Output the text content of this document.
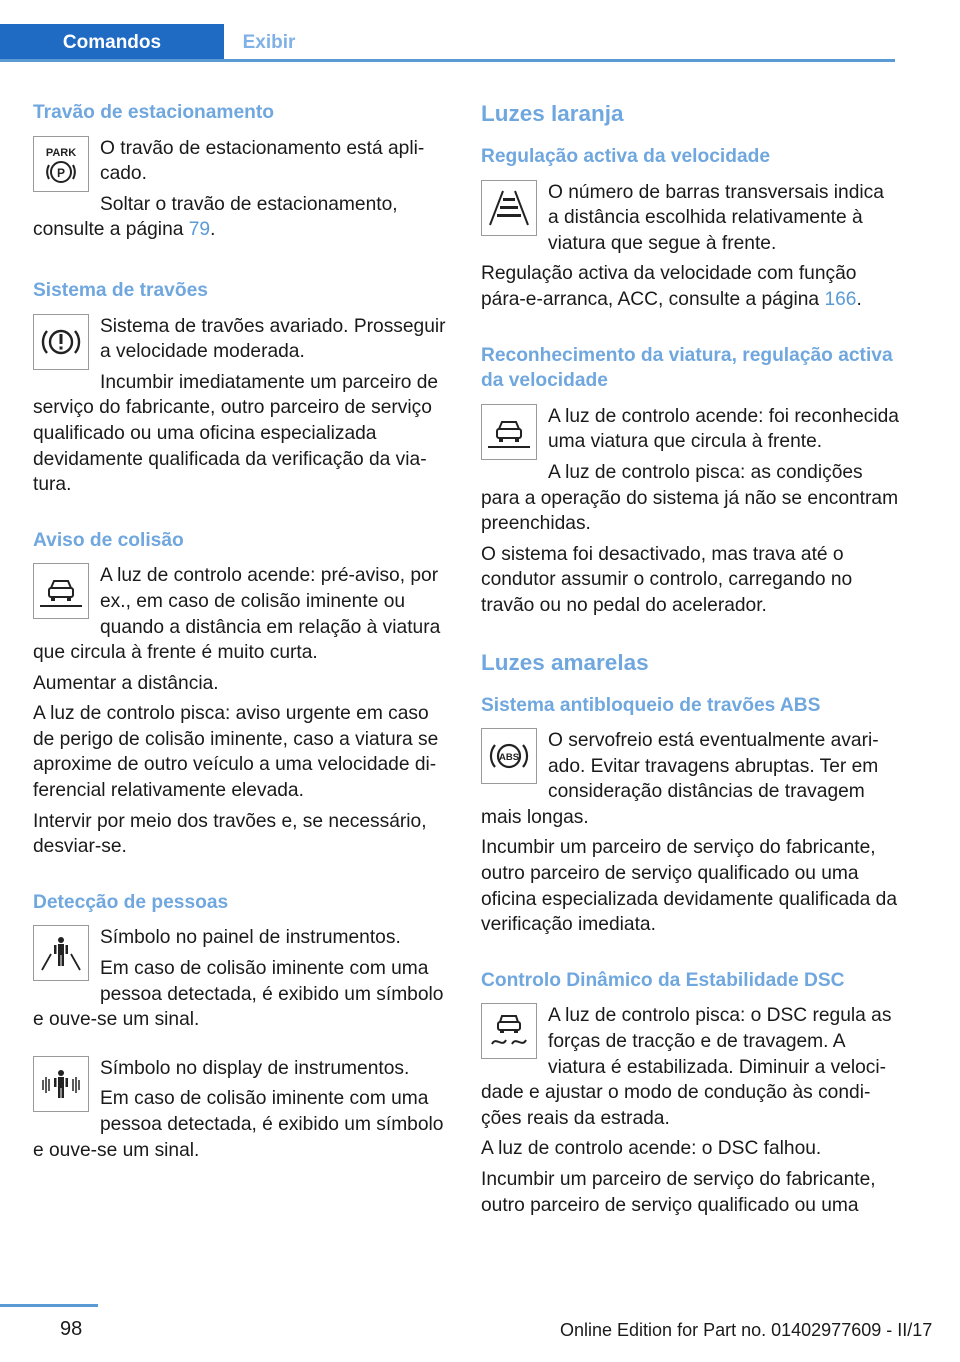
Comandos	Exibir
Travão de estacionamento
PARK
P

O travão de estacionamento está aplicado.

Soltar o travão de estacionamento, consulte a página 79.

Sistema de travões

Sistema de travões avariado. Prosseguir a velocidade moderada.

Incumbir imediatamente um parceiro de serviço do fabricante, outro parceiro de serviço qualificado ou uma oficina especializada devidamente qualificada da verificação da viatura.

Aviso de colisão

A luz de controlo acende: pré-aviso, por ex., em caso de colisão iminente ou quando a distância em relação à viatura que circula à frente é muito curta.

Aumentar a distância.

A luz de controlo pisca: aviso urgente em caso de perigo de colisão iminente, caso a viatura se aproxime de outro veículo a uma velocidade diferencial relativamente elevada.

Intervir por meio dos travões e, se necessário, desviar-se.

Detecção de pessoas

Símbolo no painel de instrumentos.

Em caso de colisão iminente com uma pessoa detectada, é exibido um símbolo e ouve-se um sinal.

Símbolo no display de instrumentos.

Em caso de colisão iminente com uma pessoa detectada, é exibido um símbolo e ouve-se um sinal.

Luzes laranja
Regulação activa da velocidade

O número de barras transversais indica a distância escolhida relativamente à viatura que segue à frente.

Regulação activa da velocidade com função pára-e-arranca, ACC, consulte a página 166.

Reconhecimento da viatura, regulação activa da velocidade

A luz de controlo acende: foi reconhecida uma viatura que circula à frente.

A luz de controlo pisca: as condições para a operação do sistema já não se encontram preenchidas.

O sistema foi desactivado, mas trava até o condutor assumir o controlo, carregando no travão ou no pedal do acelerador.

Luzes amarelas
Sistema antibloqueio de travões ABS
ABS

O servofreio está eventualmente avariado. Evitar travagens abruptas. Ter em consideração distâncias de travagem mais longas.

Incumbir um parceiro de serviço do fabricante, outro parceiro de serviço qualificado ou uma oficina especializada devidamente qualificada da verificação imediata.

Controlo Dinâmico da Estabilidade DSC

A luz de controlo pisca: o DSC regula as forças de tracção e de travagem. A viatura é estabilizada. Diminuir a velocidade e ajustar o modo de condução às condições reais da estrada.

A luz de controlo acende: o DSC falhou.

Incumbir um parceiro de serviço do fabricante, outro parceiro de serviço qualificado ou uma

98	Online Edition for Part no. 01402977609 - II/17
